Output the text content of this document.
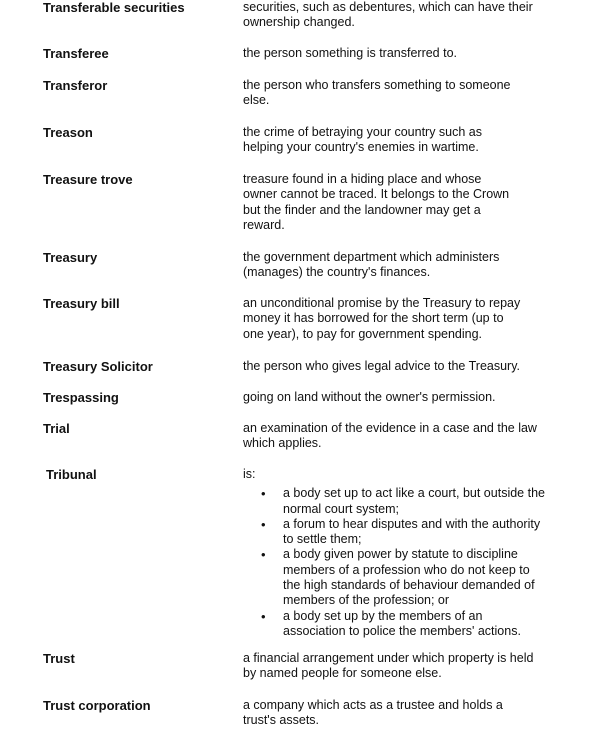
Transferable securities	securities, such as debentures, which can have their
ownership changed.
Transferee	the person something is transferred to.
Transferor	the person who transfers something to someone
else.
Treason	the crime of betraying your country such as
helping your country's enemies in wartime.
Treasure trove	treasure found in a hiding place and whose
owner cannot be traced. It belongs to the Crown
but the finder and the landowner may get a
reward.
Treasury	the government department which administers
(manages) the country's finances.
Treasury bill	an unconditional promise by the Treasury to repay
money it has borrowed for the short term (up to
one year), to pay for government spending.
Treasury Solicitor	the person who gives legal advice to the Treasury.
Trespassing	going on land without the owner's permission.
Trial	an examination of the evidence in a case and the law
which applies.
Tribunal	is:
• a body set up to act like a court, but outside the
normal court system;
• a forum to hear disputes and with the authority
to settle them;
• a body given power by statute to discipline
members of a profession who do not keep to
the high standards of behaviour demanded of
members of the profession; or
• a body set up by the members of an
association to police the members' actions.
Trust	a financial arrangement under which property is held
by named people for someone else.
Trust corporation	a company which acts as a trustee and holds a
trust's assets.
